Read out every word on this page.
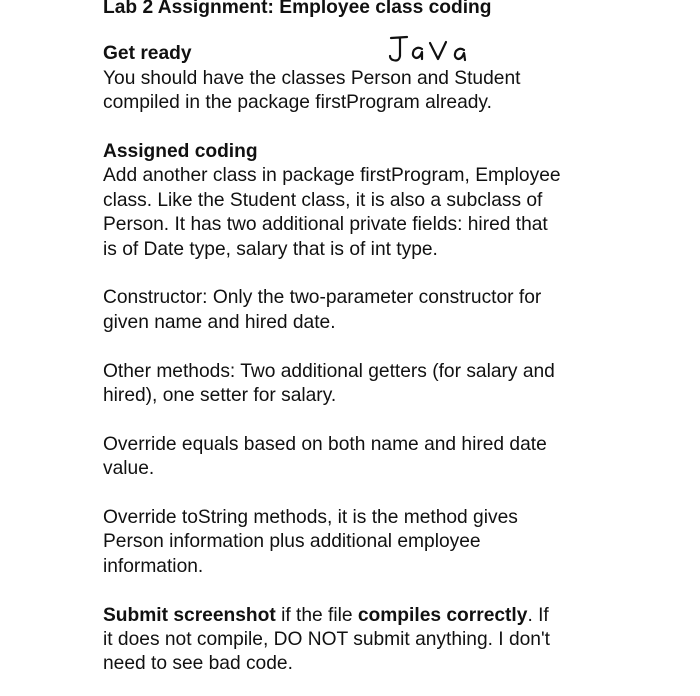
Lab 2 Assignment: Employee class coding

Get ready

You should have the classes Person and Student

compiled in the package firstProgram already.

Assigned coding

Add another class in package firstProgram, Employee

class. Like the Student class, it is also a subclass of

Person. It has two additional private fields: hired that

is of Date type, salary that is of int type.

Constructor: Only the two-parameter constructor for

given name and hired date.

Other methods: Two additional getters (for salary and

hired), one setter for salary.

Override equals based on both name and hired date

value.

Override toString methods, it is the method gives

Person information plus additional employee

information.

Submit screenshot if the file compiles correctly. If

it does not compile, DO NOT submit anything. I don't

need to see bad code.
